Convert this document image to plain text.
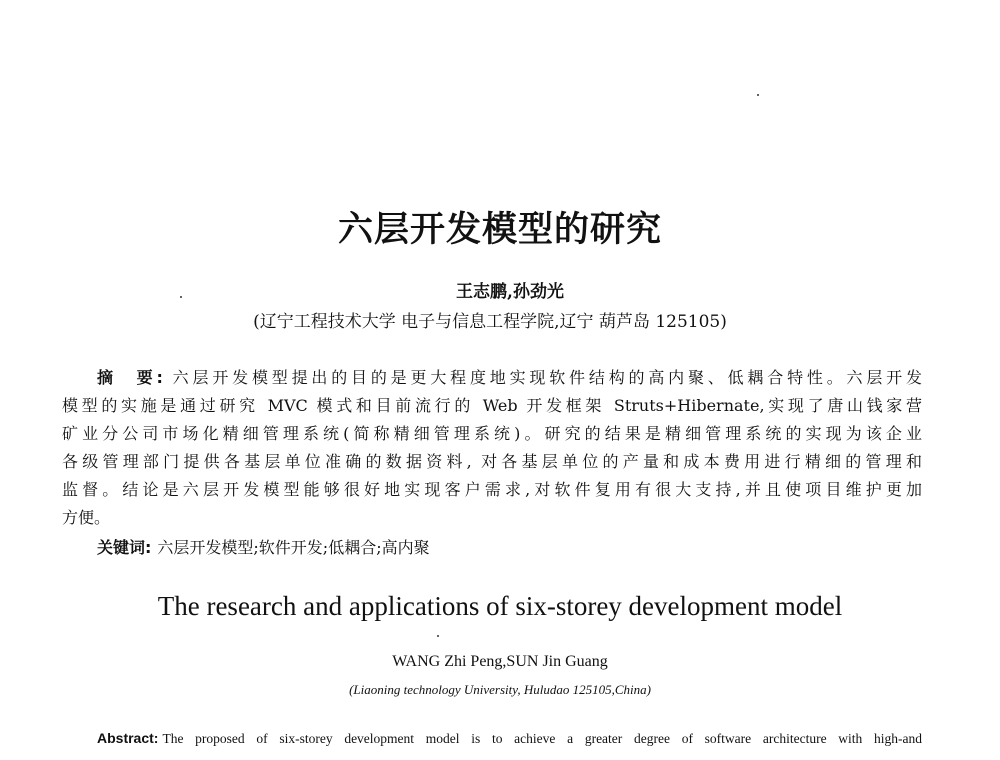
六层开发模型的研究
王志鹏,孙劲光
(辽宁工程技术大学 电子与信息工程学院,辽宁 葫芦岛 125105)
摘　要: 六层开发模型提出的目的是更大程度地实现软件结构的高内聚、低耦合特性。六层开发
模型的实施是通过研究 MVC 模式和目前流行的 Web 开发框架 Struts+Hibernate,实现了唐山钱家营
矿业分公司市场化精细管理系统(简称精细管理系统)。研究的结果是精细管理系统的实现为该企业
各级管理部门提供各基层单位准确的数据资料, 对各基层单位的产量和成本费用进行精细的管理和
监督。结论是六层开发模型能够很好地实现客户需求,对软件复用有很大支持,并且使项目维护更加
方便。
关键词: 六层开发模型;软件开发;低耦合;高内聚
The research and applications of six-storey development model
WANG Zhi Peng,SUN Jin Guang
(Liaoning technology University, Huludao 125105,China)
Abstract: The proposed of six-storey development model is to achieve a greater degree of software architecture with high-and
